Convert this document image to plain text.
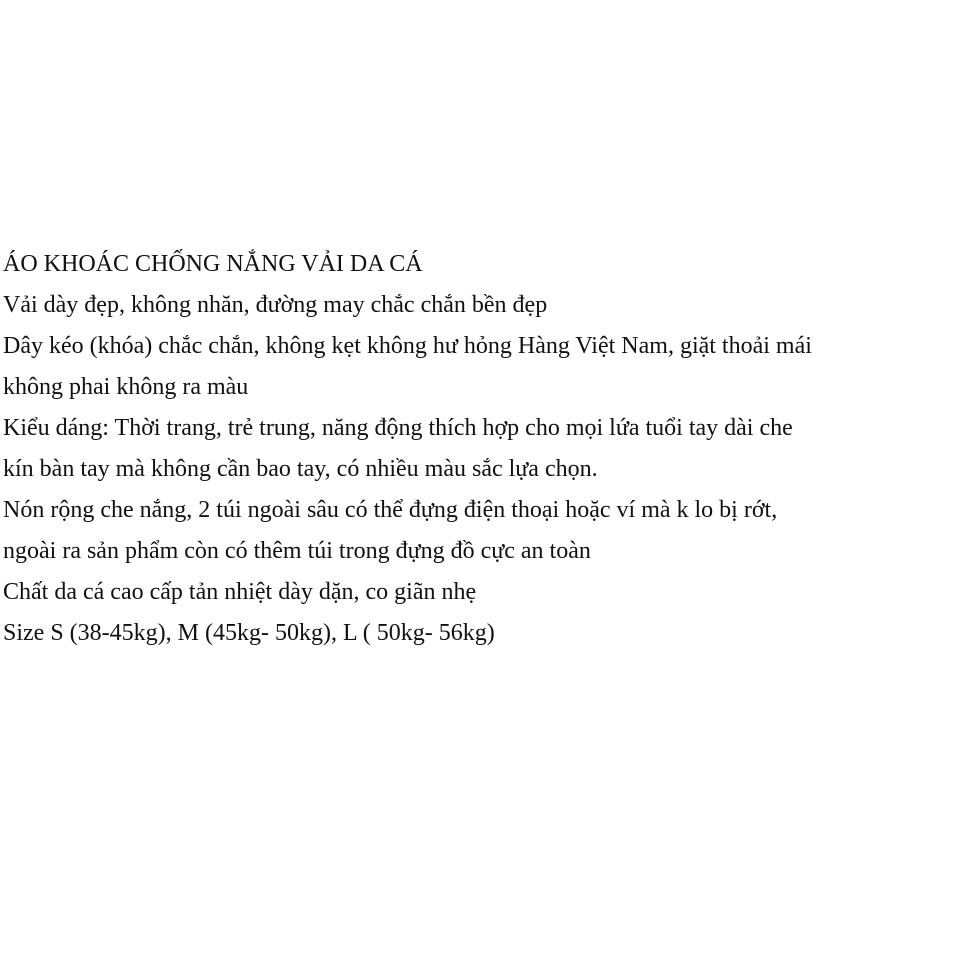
ÁO KHOÁC CHỐNG NẮNG VẢI DA CÁ
Vải dày đẹp, không nhăn, đường may chắc chắn bền đẹp
Dây kéo (khóa) chắc chắn, không kẹt không hư hỏng Hàng Việt Nam, giặt thoải mái
không phai không ra màu
Kiểu dáng: Thời trang, trẻ trung, năng động thích hợp cho mọi lứa tuổi tay dài che
kín bàn tay mà không cần bao tay, có nhiều màu sắc lựa chọn.
Nón rộng che nắng, 2 túi ngoài sâu có thể đựng điện thoại hoặc ví mà k lo bị rớt,
ngoài ra sản phẩm còn có thêm túi trong đựng đồ cực an toàn
Chất da cá cao cấp tản nhiệt dày dặn, co giãn nhẹ
Size S (38-45kg), M (45kg- 50kg), L ( 50kg- 56kg)
